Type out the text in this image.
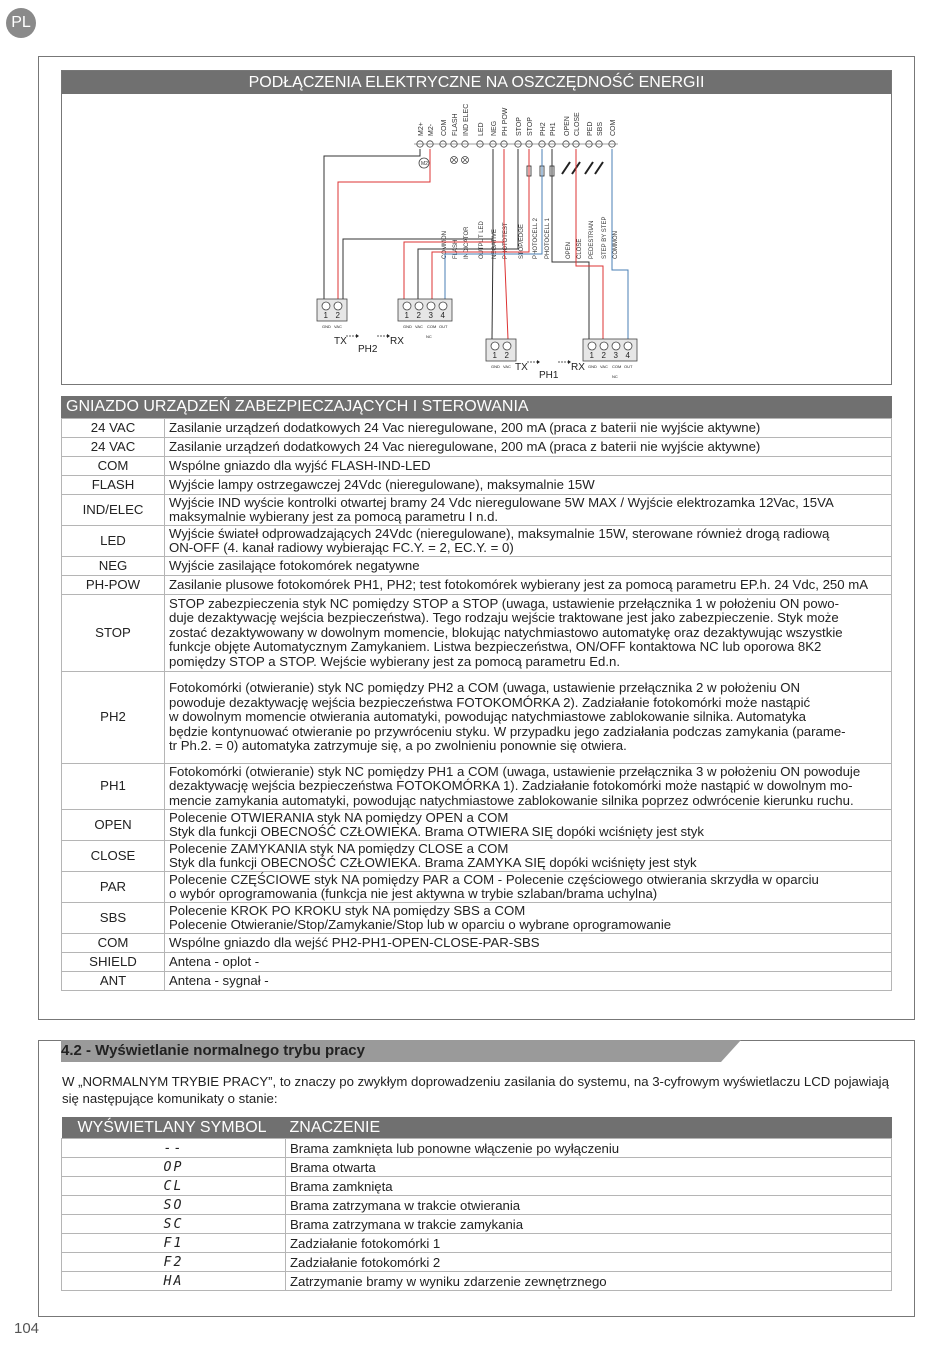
PL
PODŁĄCZENIA ELEKTRYCZNE NA OSZCZĘDNOŚĆ ENERGII
M2+ M2- COM FLASH IND ELEC LED NEG PH POW STOP STOP PH2 PH1 OPEN CLOSE PED SBS COM
M2
COMMON FLASH INDICATOR OUTPUT LED NEGATIVE PHOTOTEST STOP/EDGE PHOTOCELL 2 PHOTOCELL 1	OPEN CLOSE PEDESTRIAN STEP BY STEP COMMON
1
GND
2
VAC
1
GND
2
VAC
3
COM
4
OUT
1
GND
2
VAC
1
GND
2
VAC
3
COM
4
OUT
NC
NC
TX
PH2
RX
TX
PH1
RX
GNIAZDO URZĄDZEŃ ZABEZPIECZAJĄCYCH I STEROWANIA
24 VAC	Zasilanie urządzeń dodatkowych 24 Vac nieregulowane, 200 mA (praca z baterii nie wyjście aktywne)

24 VAC	Zasilanie urządzeń dodatkowych 24 Vac nieregulowane, 200 mA (praca z baterii nie wyjście aktywne)

COM	Wspólne gniazdo dla wyjść FLASH-IND-LED

FLASH	Wyjście lampy ostrzegawczej 24Vdc (nieregulowane), maksymalnie 15W

IND/ELEC	Wyjście IND wyście kontrolki otwartej bramy 24 Vdc nieregulowane 5W MAX / Wyjście elektrozamka 12Vac, 15VA
maksymalnie wybierany jest za pomocą parametru I n.d.

LED	Wyjście świateł odprowadzających 24Vdc (nieregulowane), maksymalnie 15W, sterowane również drogą radiową
ON-OFF (4. kanał radiowy wybierając FC.Y. = 2, EC.Y. = 0)

NEG	Wyjście zasilające fotokomórek negatywne

PH-POW	Zasilanie plusowe fotokomórek PH1, PH2; test fotokomórek wybierany jest za pomocą parametru EP.h. 24 Vdc, 250 mA

STOP	STOP zabezpieczenia styk NC pomiędzy STOP a STOP (uwaga, ustawienie przełącznika 1 w położeniu ON powo-
duje dezaktywację wejścia bezpieczeństwa). Tego rodzaju wejście traktowane jest jako zabezpieczenie. Styk może
zostać dezaktywowany w dowolnym momencie, blokując natychmiastowo automatykę oraz dezaktywując wszystkie
funkcje objęte Automatycznym Zamykaniem. Listwa bezpieczeństwa, ON/OFF kontaktowa NC lub oporowa 8K2
pomiędzy STOP a STOP. Wejście wybierany jest za pomocą parametru Ed.n.

PH2	Fotokomórki (otwieranie) styk NC pomiędzy PH2 a COM (uwaga, ustawienie przełącznika 2 w położeniu ON
powoduje dezaktywację wejścia bezpieczeństwa FOTOKOMÓRKA 2). Zadziałanie fotokomórki może nastąpić
w dowolnym momencie otwierania automatyki, powodując natychmiastowe zablokowanie silnika. Automatyka
będzie kontynuować otwieranie po przywróceniu styku. W przypadku jego zadziałania podczas zamykania (parame-
tr Ph.2. = 0) automatyka zatrzymuje się, a po zwolnieniu ponownie się otwiera.

PH1	Fotokomórki (otwieranie) styk NC pomiędzy PH1 a COM (uwaga, ustawienie przełącznika 3 w położeniu ON powoduje
dezaktywację wejścia bezpieczeństwa FOTOKOMÓRKA 1). Zadziałanie fotokomórki może nastąpić w dowolnym mo-
mencie zamykania automatyki, powodując natychmiastowe zablokowanie silnika poprzez odwrócenie kierunku ruchu.

OPEN	Polecenie OTWIERANIA styk NA pomiędzy OPEN a COM
Styk dla funkcji OBECNOŚĆ CZŁOWIEKA. Brama OTWIERA SIĘ dopóki wciśnięty jest styk

CLOSE	Polecenie ZAMYKANIA styk NA pomiędzy CLOSE a COM
Styk dla funkcji OBECNOŚĆ CZŁOWIEKA. Brama ZAMYKA SIĘ dopóki wciśnięty jest styk

PAR	Polecenie CZĘŚCIOWE styk NA pomiędzy PAR a COM - Polecenie częściowego otwierania skrzydła w oparciu
o wybór oprogramowania (funkcja nie jest aktywna w trybie szlaban/brama uchylna)

SBS	Polecenie KROK PO KROKU styk NA pomiędzy SBS a COM
Polecenie Otwieranie/Stop/Zamykanie/Stop lub w oparciu o wybrane oprogramowanie

COM	Wspólne gniazdo dla wejść PH2-PH1-OPEN-CLOSE-PAR-SBS

SHIELD	Antena - oplot -

ANT	Antena - sygnał -
4.2 - Wyświetlanie normalnego trybu pracy
W „NORMALNYM TRYBIE PRACY”, to znaczy po zwykłym doprowadzeniu zasilania do systemu, na 3-cyfrowym wyświetlaczu LCD pojawiają się następujące komunikaty o stanie:
WYŚWIETLANY SYMBOL	ZNACZENIE
--	Brama zamknięta lub ponowne włączenie po wyłączeniu
OP	Brama otwarta
CL	Brama zamknięta
SO	Brama zatrzymana w trakcie otwierania
SC	Brama zatrzymana w trakcie zamykania
F1	Zadziałanie fotokomórki 1
F2	Zadziałanie fotokomórki 2
HA	Zatrzymanie bramy w wyniku zdarzenie zewnętrznego
104
